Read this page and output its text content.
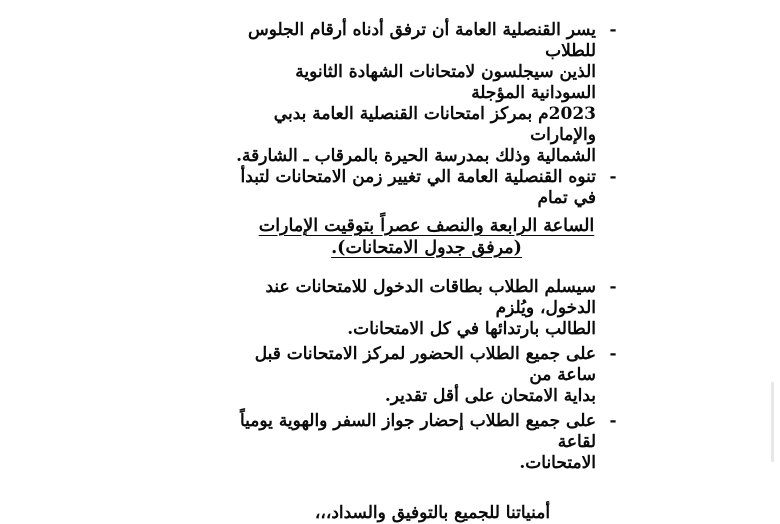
-
يسر القنصلية العامة أن ترفق أدناه أرقام الجلوس للطلاب
الذين سيجلسون لامتحانات الشهادة الثانوية السودانية المؤجلة
2023م بمركز امتحانات القنصلية العامة بدبي والإمارات
الشمالية وذلك بمدرسة الحيرة بالمرقاب ـ الشارقة.
-
تنوه القنصلية العامة الي تغيير زمن الامتحانات لتبدأ في تمام
الساعة الرابعة والنصف عصراً بتوقيت الإمارات
(مرفق جدول الامتحانات).
-
سيسلم الطلاب بطاقات الدخول للامتحانات عند الدخول، ويُلزم
الطالب بارتدائها في كل الامتحانات.
-
على جميع الطلاب الحضور لمركز الامتحانات قبل ساعة من
بداية الامتحان على أقل تقدير.
-
على جميع الطلاب إحضار جواز السفر والهوية يومياً لقاعة
الامتحانات.
أمنياتنا للجميع بالتوفيق والسداد،،،
